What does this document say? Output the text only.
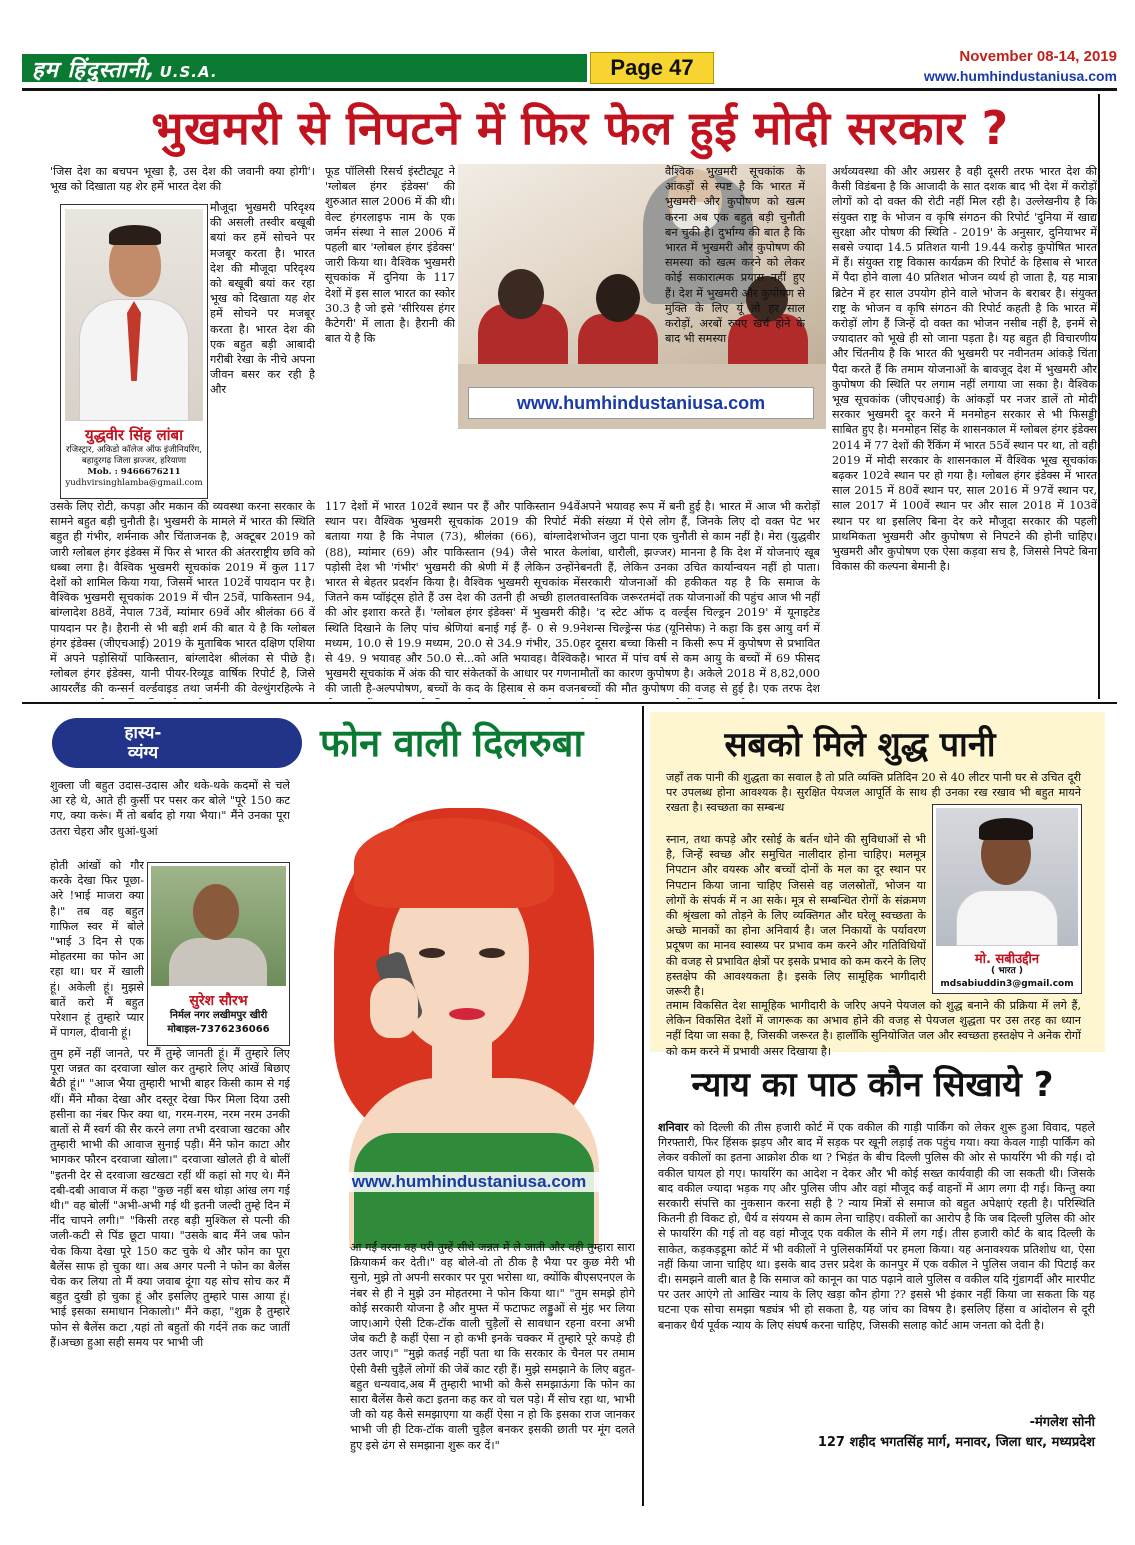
हम हिंदुस्तानी, U.S.A.	Page 47	November 08-14, 2019
www.humhindustaniusa.com
भुखमरी से निपटने में फिर फेल हुई मोदी सरकार ?
'जिस देश का बचपन भूखा है, उस देश की जवानी क्या होगी'। भूख को दिखाता यह शेर हमें भारत देश की
युद्धवीर सिंह लांबा
रजिस्ट्रार, अकिडो कॉलेज ऑफ इंजीनियरिंग, बहादुरगढ़ जिला झज्जर, हरियाणा
Mob. : 9466676211
yudhvirsinghlamba@gmail.com
मौजूदा भुखमरी परिदृश्य की असली तस्वीर बखूबी बयां कर हमें सोचने पर मजबूर करता है। भारत देश की मौजूदा परिदृश्य को बखूबी बयां कर रहा भूख को दिखाता यह शेर हमें सोचने पर मजबूर करता है। भारत देश की एक बहुत बड़ी आबादी गरीबी रेखा के नीचे अपना जीवन बसर कर रही है और
उसके लिए रोटी, कपड़ा और मकान की व्यवस्था करना सरकार के सामने बहुत बड़ी चुनौती है। भुखमरी के मामले में भारत की स्थिति बहुत ही गंभीर, शर्मनाक और चिंताजनक है, अक्टूबर 2019 को जारी ग्लोबल हंगर इंडेक्स में फिर से भारत की अंतरराष्ट्रीय छवि को धब्बा लगा है। वैश्विक भुखमरी सूचकांक 2019 में कुल 117 देशों को शामिल किया गया, जिसमें भारत 102वें पायदान पर है। वैश्विक भुखमरी सूचकांक 2019 में चीन 25वें, पाकिस्तान 94, बांग्लादेश 88वें, नेपाल 73वें, म्यांमार 69वें और श्रीलंका 66 वें पायदान पर है। हैरानी से भी बड़ी शर्म की बात ये है कि ग्लोबल हंगर इंडेक्स (जीएचआई) 2019 के मुताबिक भारत दक्षिण एशिया में अपने पड़ोसियों पाकिस्तान, बांग्लादेश श्रीलंका से पीछे है। ग्लोबल हंगर इंडेक्स, यानी पीयर-रिव्यूड वार्षिक रिपोर्ट है, जिसे आयरलैंड की कन्सर्न वर्ल्डवाइड तथा जर्मनी की वेल्थुंगरहिल्फे ने
फूड पॉलिसी रिसर्च इंस्टीट्यूट ने 'ग्लोबल हंगर इंडेक्स' की शुरुआत साल 2006 में की थी। वेल्ट हंगरलाइफ नाम के एक जर्मन संस्था ने साल 2006 में पहली बार 'ग्लोबल हंगर इंडेक्स' जारी किया था। वैश्विक भुखमरी सूचकांक में दुनिया के 117 देशों में इस साल भारत का स्कोर 30.3 है जो इसे 'सीरियस हंगर कैटेगरी' में लाता है। हैरानी की बात ये है कि
117 देशों में भारत 102वें स्थान पर हैं और पाकिस्तान 94वें स्थान पर। वैश्विक भुखमरी सूचकांक 2019 की रिपोर्ट में बताया गया है कि नेपाल (73), श्रीलंका (66), बांग्लादेश (88), म्यांमार (69) और पाकिस्तान (94) जैसे भारत के पड़ोसी देश भी 'गंभीर' भुखमरी की श्रेणी में हैं लेकिन उन्होंने भारत से बेहतर प्रदर्शन किया है। वैश्विक भुखमरी सूचकांक में जितने कम प्वॉइंट्स होते हैं उस देश की उतनी ही अच्छी हालत की ओर इशारा करते हैं। 'ग्लोबल हंगर इंडेक्स' में भुखमरी की स्थिति दिखाने के लिए पांच श्रेणियां बनाई गई हैं- 0 से 9.9 मध्यम, 10.0 से 19.9 मध्यम, 20.0 से 34.9 गंभीर, 35.0 से 49. 9 भयावह और 50.0 से...को अति भयावह। वैश्विक भुखमरी सूचकांक में अंक की चार संकेतकों के आधार पर गणना की जाती है-अल्पपोषण, बच्चों के कद के हिसाब से कम वजन
www.humhindustaniusa.com
वैश्विक भुखमरी सूचकांक के आंकड़ों से स्पष्ट है कि भारत में भुखमरी और कुपोषण को खत्म करना अब एक बहुत बड़ी चुनौती बन चुकी है। दुर्भाग्य की बात है कि भारत में भुखमरी और कुपोषण की समस्या को खत्म करने को लेकर कोई सकारात्मक प्रयास नहीं हुए हैं। देश में भुखमरी और कुपोषण से मुक्ति के लिए यूं तो हर साल करोड़ों, अरबों रुपए खर्च होने के बाद भी समस्या
अपने भयावह रूप में बनी हुई है। भारत में आज भी करोड़ों की संख्या में ऐसे लोग हैं, जिनके लिए दो वक्त पेट भर भोजन जुटा पाना एक चुनौती से काम नहीं है। मेरा (युद्धवीर लांबा, धारौली, झज्जर) मानना है कि देश में योजनाएं खूब बनती हैं, लेकिन उनका उचित कार्यान्वयन नहीं हो पाता। सरकारी योजनाओं की हकीकत यह है कि समाज के वास्तविक जरूरतमंदों तक योजनाओं की पहुंच आज भी नहीं है। 'द स्टेट ऑफ द वर्ल्ड्स चिल्ड्रन 2019' में यूनाइटेड नेशन्स चिल्ड्रेन्स फंड (यूनिसेफ) ने कहा कि इस आयु वर्ग में हर दूसरा बच्चा किसी न किसी रूप में कुपोषण से प्रभावित है। भारत में पांच वर्ष से कम आयु के बच्चों में 69 फीसद मौतों का कारण कुपोषण है। अकेले 2018 में 8,82,000 बच्चों की मौत कुपोषण की वजह से हुई है। एक तरफ देश
अर्थव्यवस्था की और अग्रसर है वही दूसरी तरफ भारत देश की कैसी विडंबना है कि आजादी के सात दशक बाद भी देश में करोड़ों लोगों को दो वक्त की रोटी नहीं मिल रही है। उल्लेखनीय है कि संयुक्त राष्ट्र के भोजन व कृषि संगठन की रिपोर्ट 'दुनिया में खाद्य सुरक्षा और पोषण की स्थिति - 2019' के अनुसार, दुनियाभर में सबसे ज्यादा 14.5 प्रतिशत यानी 19.44 करोड़ कुपोषित भारत में हैं। संयुक्त राष्ट्र विकास कार्यक्रम की रिपोर्ट के हिसाब से भारत में पैदा होने वाला 40 प्रतिशत भोजन व्यर्थ हो जाता है, यह मात्रा ब्रिटेन में हर साल उपयोग होने वाले भोजन के बराबर है। संयुक्त राष्ट्र के भोजन व कृषि संगठन की रिपोर्ट कहती है कि भारत में करोड़ों लोग हैं जिन्हें दो वक्त का भोजन नसीब नहीं है, इनमें से ज्यादातर को भूखे ही सो जाना पड़ता है। यह बहुत ही विचारणीय और चिंतनीय है कि भारत की भुखमरी पर नवीनतम आंकड़े चिंता पैदा करते हैं कि तमाम योजनाओं के बावजूद देश में भुखमरी और कुपोषण की स्थिति पर लगाम नहीं लगाया जा सका है। वैश्विक भूख सूचकांक (जीएचआई) के आंकड़ों पर नजर डालें तो मोदी सरकार भुखमरी दूर करने में मनमोहन सरकार से भी फिसड्डी साबित हुए है। मनमोहन सिंह के शासनकाल में ग्लोबल हंगर इंडेक्स 2014 में 77 देशों की रैंकिंग में भारत 55वें स्थान पर था, तो वही 2019 में मोदी सरकार के शासनकाल में वैश्विक भूख सूचकांक बढ़कर 102वे स्थान पर हो गया है। ग्लोबल हंगर इंडेक्स में भारत साल 2015 में 80वें स्थान पर, साल 2016 में 97वें स्थान पर, साल 2017 में 100वें स्थान पर और साल 2018 में 103वें स्थान पर था इसलिए बिना देर करे मौजूदा सरकार की पहली प्राथमिकता भुखमरी और कुपोषण से निपटने की होनी चाहिए। भुखमरी और कुपोषण एक ऐसा कड़वा सच है, जिससे निपटे बिना विकास की कल्पना बेमानी है।
हास्य-
व्यंग्य	फोन वाली दिलरुबा
शुक्ला जी बहुत उदास-उदास और थके-थके कदमों से चले आ रहे थे, आते ही कुर्सी पर पसर कर बोले "पूरे 150 कट गए, क्या करूं। मैं तो बर्बाद हो गया भैया।" मैंने उनका पूरा उतरा चेहरा और धुआं-धुआं
होती आंखों को गौर करके देखा फिर पूछा-अरे !भाई माजरा क्या है।" तब वह बहुत गाफिल स्वर में बोले "भाई 3 दिन से एक मोहतरमा का फोन आ रहा था। घर में खाली हूं। अकेली हूं। मुझसे बातें करो मैं बहुत परेशान हूं तुम्हारे प्यार में पागल, दीवानी हूं।
सुरेश सौरभ
निर्मल नगर लखीमपुर खीरी
मोबाइल-7376236066
तुम हमें नहीं जानते, पर मैं तुम्हे जानती हूं। मैं तुम्हारे लिए पूरा जन्नत का दरवाजा खोल कर तुम्हारे लिए आंखें बिछाए बैठी हूं।" "आज भैया तुम्हारी भाभी बाहर किसी काम से गई थीं। मैंने मौका देखा और दस्तूर देखा फिर मिला दिया उसी हसीना का नंबर फिर क्या था, गरम-गरम, नरम नरम उनकी बातों से मैं स्वर्ग की सैर करने लगा तभी दरवाजा खटका और तुम्हारी भाभी की आवाज सुनाई पड़ी। मैंने फोन काटा और भागकर फौरन दरवाजा खोला।" दरवाजा खोलते ही वे बोलीं "इतनी देर से दरवाजा खटखटा रहीं थीं कहां सो गए थे। मैंने दबी-दबी आवाज में कहा "कुछ नहीं बस थोड़ा आंख लग गई थी।" वह बोलीं "अभी-अभी गई थी इतनी जल्दी तुम्हे दिन में नींद चापने लगी।" "किसी तरह बड़ी मुश्किल से पत्नी की जली-कटी से पिंड छूटा पाया। "उसके बाद मैंने जब फोन चेक किया देखा पूरे 150 कट चुके थे और फोन का पूरा बैलेंस साफ हो चुका था। अब अगर पत्नी ने फोन का बैलेंस चेक कर लिया तो मैं क्या जवाब दूंगा यह सोच सोच कर मैं बहुत दुखी हो चुका हूं और इसलिए तुम्हारे पास आया हूं। भाई इसका समाधान निकालो।" मैंने कहा, "शुक्र है तुम्हारे फोन से बैलेंस कटा ,यहां तो बहुतों की गर्दनें तक कट जातीं हैं।अच्छा हुआ सही समय पर भाभी जी
www.humhindustaniusa.com
आ गईं वरना वह परी तुम्हें सीधे जन्नत में ले जाती और वही तुम्हारा सारा क्रियाकर्म कर देती।" वह बोले-वो तो ठीक है भैया पर कुछ मेरी भी सुनो, मुझे तो अपनी सरकार पर पूरा भरोसा था, क्योंकि बीएसएनएल के नंबर से ही ने मुझे उन मोहतरमा ने फोन किया था।" "तुम समझे होगे कोई सरकारी योजना है और मुफ्त में फटाफट लड्डुओं से मुंह भर लिया जाए।आगे ऐसी टिक-टॉक वाली चुड़ैलों से सावधान रहना वरना अभी जेब कटी है कहीं ऐसा न हो कभी इनके चक्कर में तुम्हारे पूरे कपड़े ही उतर जाए।" "मुझे कतई नहीं पता था कि सरकार के चैनल पर तमाम ऐसी वैसी चुड़ैलें लोगों की जेबें काट रही हैं। मुझे समझाने के लिए बहुत-बहुत धन्यवाद,अब मैं तुम्हारी भाभी को कैसे समझाऊंगा कि फोन का सारा बैलेंस कैसे कटा इतना कह कर वो चल पड़े। मैं सोच रहा था, भाभी जी को यह कैसे समझाएगा या कहीं ऐसा न हो कि इसका राज जानकर भाभी जी ही टिक-टॉक वाली चुड़ैल बनकर इसकी छाती पर मूंग दलते हुए इसे ढंग से समझाना शुरू कर दें।"
सबको मिले शुद्ध पानी
जहाँ तक पानी की शुद्धता का सवाल है तो प्रति व्यक्ति प्रतिदिन 20 से 40 लीटर पानी घर से उचित दूरी पर उपलब्ध होना आवश्यक है। सुरक्षित पेयजल आपूर्ति के साथ ही उनका रख रखाव भी बहुत मायने रखता है। स्वच्छता का सम्बन्ध
स्नान, तथा कपड़े और रसोई के बर्तन धोने की सुविधाओं से भी है, जिन्हें स्वच्छ और समुचित नालीदार होना चाहिए। मलमूत्र निपटान और वयस्क और बच्चों दोनों के मल का दूर स्थान पर निपटान किया जाना चाहिए जिससे वह जलस्रोतों, भोजन या लोगों के संपर्क में न आ सके। मूत्र से सम्बन्धित रोगों के संक्रमण की श्रृंखला को तोड़ने के लिए व्यक्तिगत और घरेलू स्वच्छता के अच्छे मानकों का होना अनिवार्य है। जल निकायों के पर्यावरण प्रदूषण का मानव स्वास्थ्य पर प्रभाव कम करने और गतिविधियों की वजह से प्रभावित क्षेत्रों पर इसके प्रभाव को कम करने के लिए हस्तक्षेप की आवश्यकता है। इसके लिए सामूहिक भागीदारी जरूरी है।
मो. सबीउद्दीन
( भारत )
mdsabiuddin3@gmail.com
तमाम विकसित देश सामूहिक भागीदारी के जरिए अपने पेयजल को शुद्ध बनाने की प्रक्रिया में लगे हैं, लेकिन विकसित देशों में जागरूक का अभाव होने की वजह से पेयजल शुद्धता पर उस तरह का ध्यान नहीं दिया जा सका है, जिसकी जरूरत है। हालाँकि सुनियोजित जल और स्वच्छता हस्तक्षेप ने अनेक रोगों को कम करने में प्रभावी असर दिखाया है।
न्याय का पाठ कौन सिखाये ?
शनिवार को दिल्ली की तीस हजारी कोर्ट में एक वकील की गाड़ी पार्किंग को लेकर शुरू हुआ विवाद, पहले गिरफ्तारी, फिर हिंसक झड़प और बाद में सड़क पर खूनी लड़ाई तक पहुंच गया। क्या केवल गाड़ी पार्किंग को लेकर वकीलों का इतना आक्रोश ठीक था ? भिड़ंत के बीच दिल्ली पुलिस की ओर से फायरिंग भी की गई। दो वकील घायल हो गए। फायरिंग का आदेश न देकर और भी कोई सख्त कार्यवाही की जा सकती थी। जिसके बाद वकील ज्यादा भड़क गए और पुलिस जीप और वहां मौजूद कई वाहनों में आग लगा दी गई। किन्तु क्या सरकारी संपत्ति का नुकसान करना सही है ? न्याय मित्रों से समाज को बहुत अपेक्षाएं रहती है। परिस्थिति कितनी ही विकट हो, धैर्य व संययम से काम लेना चाहिए। वकीलों का आरोप है कि जब दिल्ली पुलिस की ओर से फायरिंग की गई तो वह वहां मौजूद एक वकील के सीने में लग गई। तीस हजारी कोर्ट के बाद दिल्ली के साकेत, कड़कड़डूमा कोर्ट में भी वकीलों ने पुलिसकर्मियों पर हमला किया। यह अनावश्यक प्रतिशोध था, ऐसा नहीं किया जाना चाहिए था। इसके बाद उत्तर प्रदेश के कानपुर में एक वकील ने पुलिस जवान की पिटाई कर दी। समझने वाली बात है कि समाज को कानून का पाठ पढ़ाने वाले पुलिस व वकील यदि गुंडागर्दी और मारपीट पर उतर आएंगे तो आखिर न्याय के लिए खड़ा कौन होगा ?? इससे भी इंकार नहीं किया जा सकता कि यह घटना एक सोचा समझा षड्यंत्र भी हो सकता है, यह जांच का विषय है। इसलिए हिंसा व आंदोलन से दूरी बनाकर धैर्य पूर्वक न्याय के लिए संघर्ष करना चाहिए, जिसकी सलाह कोर्ट आम जनता को देती है।
-मंगलेश सोनी
127 शहीद भगतसिंह मार्ग, मनावर, जिला धार, मध्यप्रदेश
